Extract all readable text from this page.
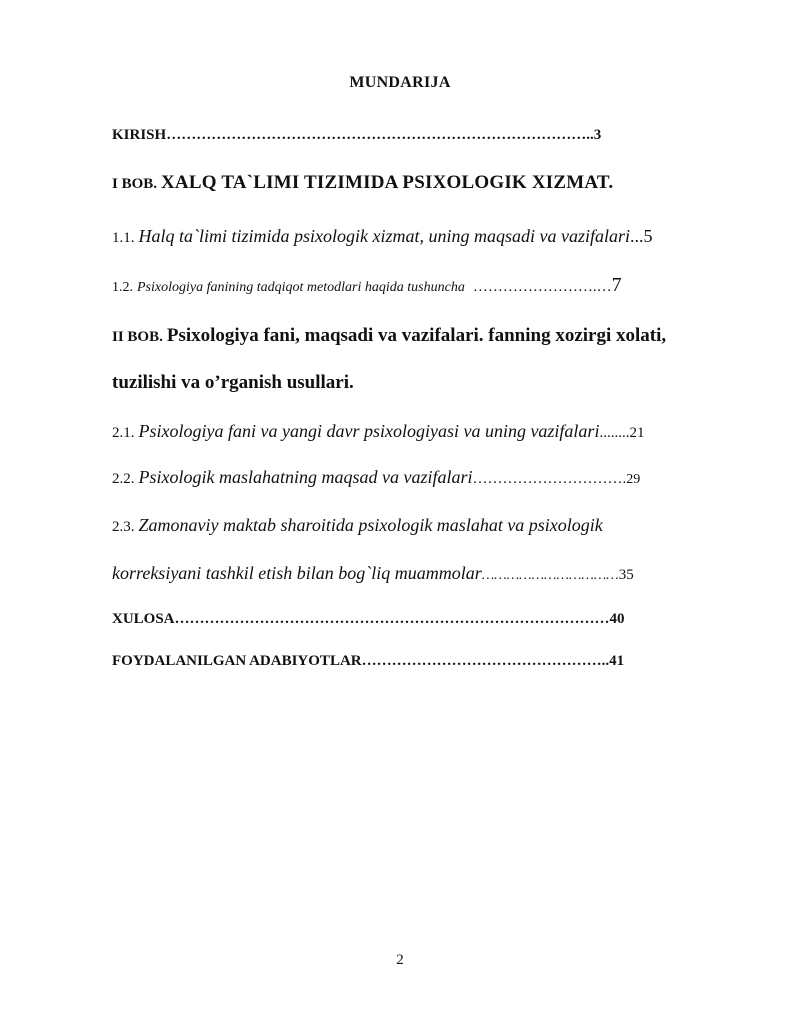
MUNDARIJA
KIRISH…………………………………………………………………………..3
I BOB. XALQ TA`LIMI TIZIMIDA PSIXOLOGIK XIZMAT.
1.1. Halq ta`limi tizimida psixologik xizmat, uning maqsadi va vazifalari...5
1.2. Psixologiya fanining tadqiqot metodlari haqida tushuncha …………………….…7
II BOB. Psixologiya fani, maqsadi va vazifalari. fanning xozirgi xolati,
tuzilishi va o’rganish usullari.
2.1. Psixologiya fani va yangi davr psixologiyasi va uning vazifalari........21
2.2. Psixologik maslahatning maqsad va vazifalari………………………….29
2.3. Zamonaviy maktab sharoitida psixologik maslahat va psixologik
korreksiyani tashkil etish bilan bog`liq muammolar……………………………35
XULOSA……………………………………………………………………………40
FOYDALANILGAN ADABIYOTLAR…………………………………………..41
2
